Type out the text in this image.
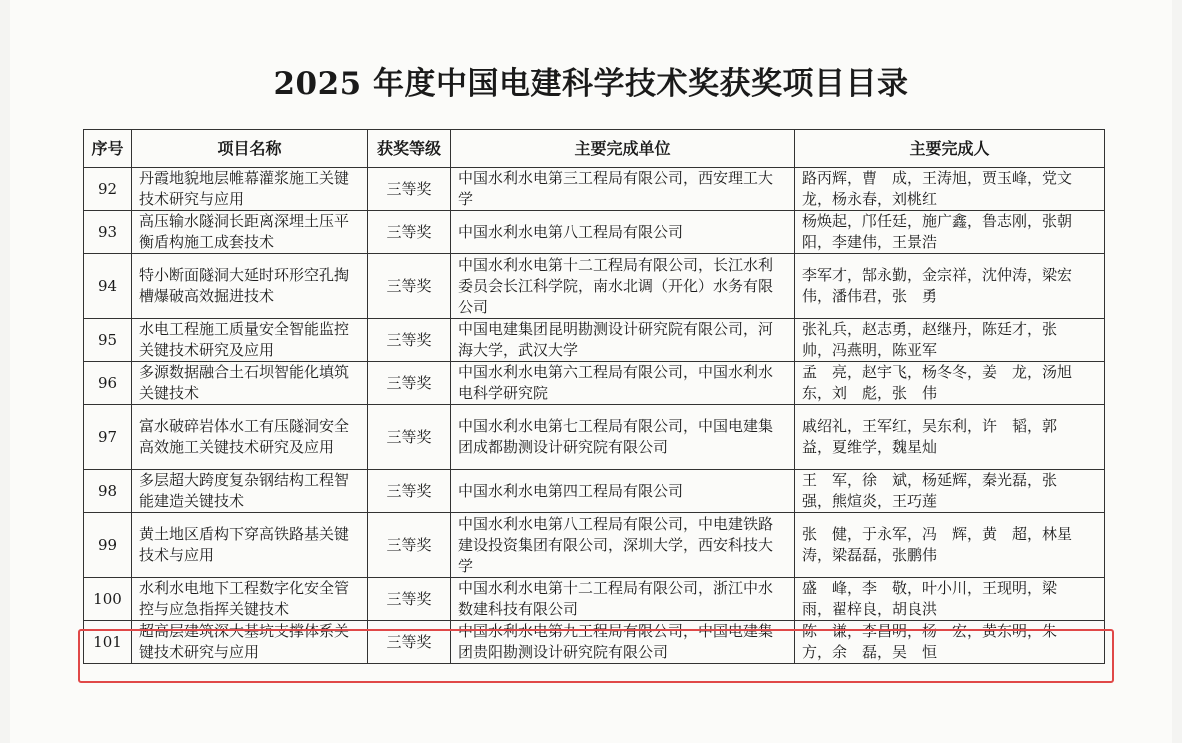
2025 年度中国电建科学技术奖获奖项目目录
序号	项目名称	获奖等级	主要完成单位	主要完成人
92	丹霞地貌地层帷幕灌浆施工关键技术研究与应用	三等奖	中国水利水电第三工程局有限公司，西安理工大学	路丙辉，曹　成，王涛旭，贾玉峰，党文龙，杨永春，刘桃红
93	高压输水隧洞长距离深埋土压平衡盾构施工成套技术	三等奖	中国水利水电第八工程局有限公司	杨焕起，邝任廷，施广鑫，鲁志刚，张朝阳，李建伟，王景浩
94	特小断面隧洞大延时环形空孔掏槽爆破高效掘进技术	三等奖	中国水利水电第十二工程局有限公司，长江水利委员会长江科学院，南水北调（开化）水务有限公司	李军才，郜永勤，金宗祥，沈仲涛，梁宏伟，潘伟君，张　勇
95	水电工程施工质量安全智能监控关键技术研究及应用	三等奖	中国电建集团昆明勘测设计研究院有限公司，河海大学，武汉大学	张礼兵，赵志勇，赵继丹，陈廷才，张　帅，冯燕明，陈亚军
96	多源数据融合土石坝智能化填筑关键技术	三等奖	中国水利水电第六工程局有限公司，中国水利水电科学研究院	孟　亮，赵宇飞，杨冬冬，姜　龙，汤旭东，刘　彪，张　伟
97	富水破碎岩体水工有压隧洞安全高效施工关键技术研究及应用	三等奖	中国水利水电第七工程局有限公司，中国电建集团成都勘测设计研究院有限公司	戚绍礼，王军红，吴东利，许　韬，郭　益，夏维学，魏星灿
98	多层超大跨度复杂钢结构工程智能建造关键技术	三等奖	中国水利水电第四工程局有限公司	王　军，徐　斌，杨延辉，秦光磊，张　强，熊煊炎，王巧莲
99	黄土地区盾构下穿高铁路基关键技术与应用	三等奖	中国水利水电第八工程局有限公司，中电建铁路建设投资集团有限公司，深圳大学，西安科技大学	张　健，于永军，冯　辉，黄　超，林星涛，梁磊磊，张鹏伟
100	水利水电地下工程数字化安全管控与应急指挥关键技术	三等奖	中国水利水电第十二工程局有限公司，浙江中水数建科技有限公司	盛　峰，李　敬，叶小川，王现明，梁　雨，翟梓良，胡良洪
101	超高层建筑深大基坑支撑体系关键技术研究与应用	三等奖	中国水利水电第九工程局有限公司，中国电建集团贵阳勘测设计研究院有限公司	陈　谦，李昌明，杨　宏，黄东明，朱　方，余　磊，吴　恒
